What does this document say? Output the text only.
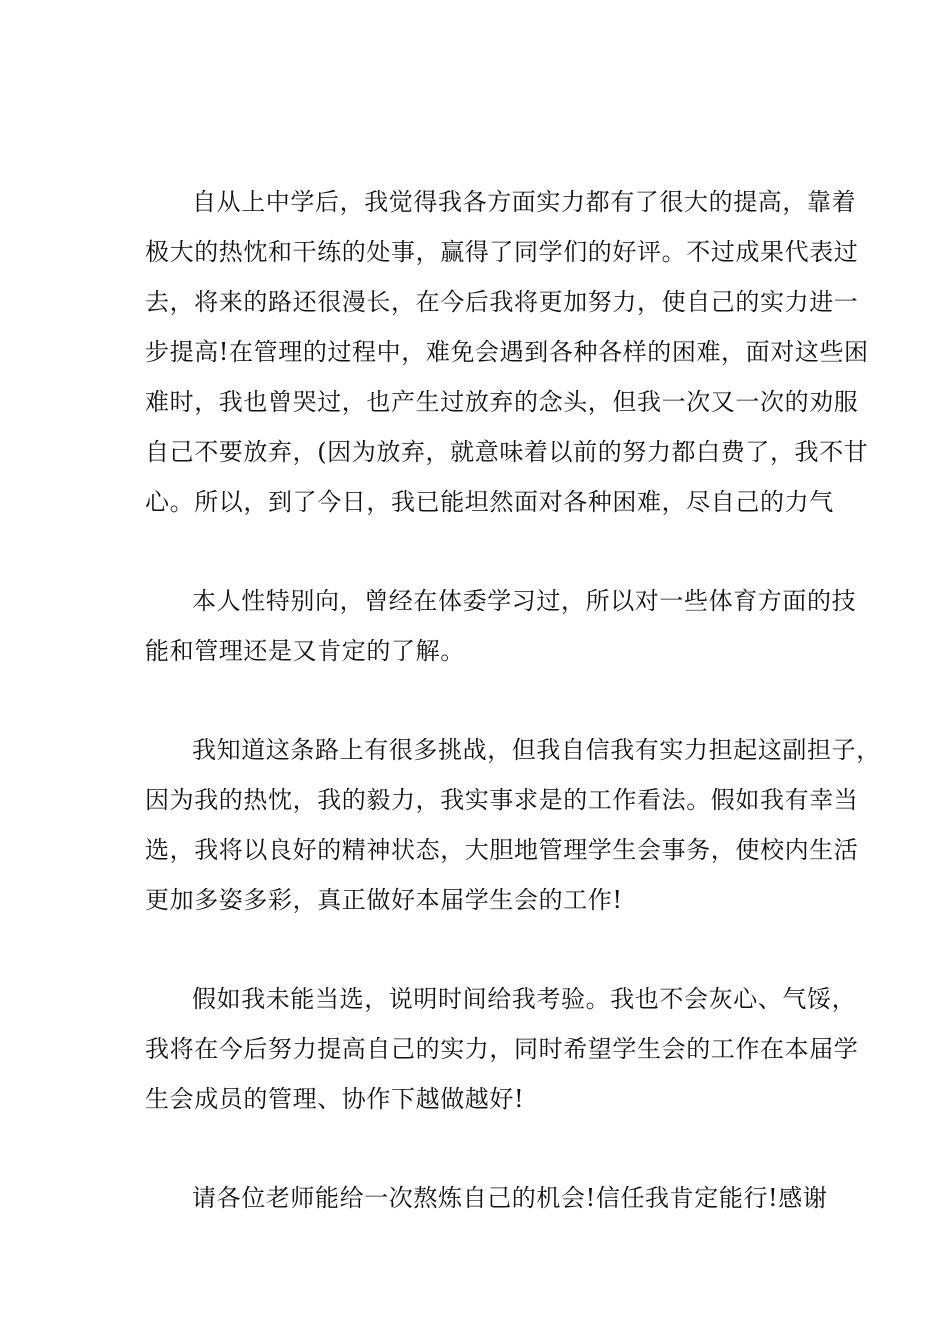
自从上中学后，我觉得我各方面实力都有了很大的提高，靠着
极大的热忱和干练的处事，赢得了同学们的好评。不过成果代表过
去，将来的路还很漫长，在今后我将更加努力，使自己的实力进一
步提高!在管理的过程中，难免会遇到各种各样的困难，面对这些困
难时，我也曾哭过，也产生过放弃的念头，但我一次又一次的劝服
自己不要放弃，(因为放弃，就意味着以前的努力都白费了，我不甘
心。所以，到了今日，我已能坦然面对各种困难，尽自己的力气
本人性特别向，曾经在体委学习过，所以对一些体育方面的技
能和管理还是又肯定的了解。
我知道这条路上有很多挑战，但我自信我有实力担起这副担子，
因为我的热忱，我的毅力，我实事求是的工作看法。假如我有幸当
选，我将以良好的精神状态，大胆地管理学生会事务，使校内生活
更加多姿多彩，真正做好本届学生会的工作!
假如我未能当选，说明时间给我考验。我也不会灰心、气馁，
我将在今后努力提高自己的实力，同时希望学生会的工作在本届学
生会成员的管理、协作下越做越好!
请各位老师能给一次熬炼自己的机会!信任我肯定能行!感谢
